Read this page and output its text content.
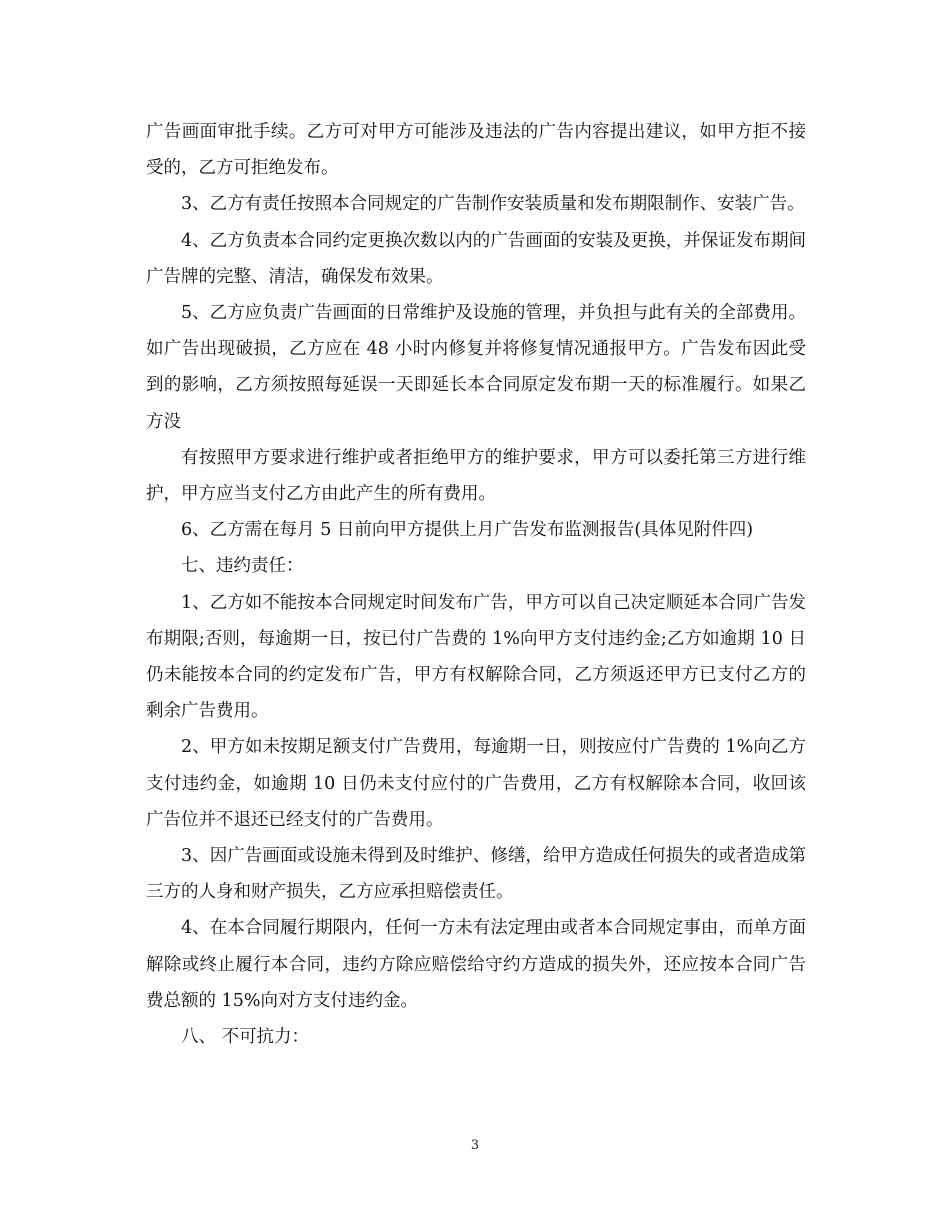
广告画面审批手续。乙方可对甲方可能涉及违法的广告内容提出建议，如甲方拒不接受的，乙方可拒绝发布。

3、乙方有责任按照本合同规定的广告制作安装质量和发布期限制作、安装广告。

4、乙方负责本合同约定更换次数以内的广告画面的安装及更换，并保证发布期间广告牌的完整、清洁，确保发布效果。

5、乙方应负责广告画面的日常维护及设施的管理，并负担与此有关的全部费用。如广告出现破损，乙方应在 48 小时内修复并将修复情况通报甲方。广告发布因此受到的影响，乙方须按照每延误一天即延长本合同原定发布期一天的标准履行。如果乙方没

有按照甲方要求进行维护或者拒绝甲方的维护要求，甲方可以委托第三方进行维护，甲方应当支付乙方由此产生的所有费用。

6、乙方需在每月 5 日前向甲方提供上月广告发布监测报告(具体见附件四)

七、违约责任：

1、乙方如不能按本合同规定时间发布广告，甲方可以自己决定顺延本合同广告发布期限;否则，每逾期一日，按已付广告费的 1%向甲方支付违约金;乙方如逾期 10 日仍未能按本合同的约定发布广告，甲方有权解除合同，乙方须返还甲方已支付乙方的剩余广告费用。

2、甲方如未按期足额支付广告费用，每逾期一日，则按应付广告费的 1%向乙方支付违约金，如逾期 10 日仍未支付应付的广告费用，乙方有权解除本合同，收回该广告位并不退还已经支付的广告费用。

3、因广告画面或设施未得到及时维护、修缮，给甲方造成任何损失的或者造成第三方的人身和财产损失，乙方应承担赔偿责任。

4、在本合同履行期限内，任何一方未有法定理由或者本合同规定事由，而单方面解除或终止履行本合同，违约方除应赔偿给守约方造成的损失外，还应按本合同广告费总额的 15%向对方支付违约金。

八、 不可抗力：

3
